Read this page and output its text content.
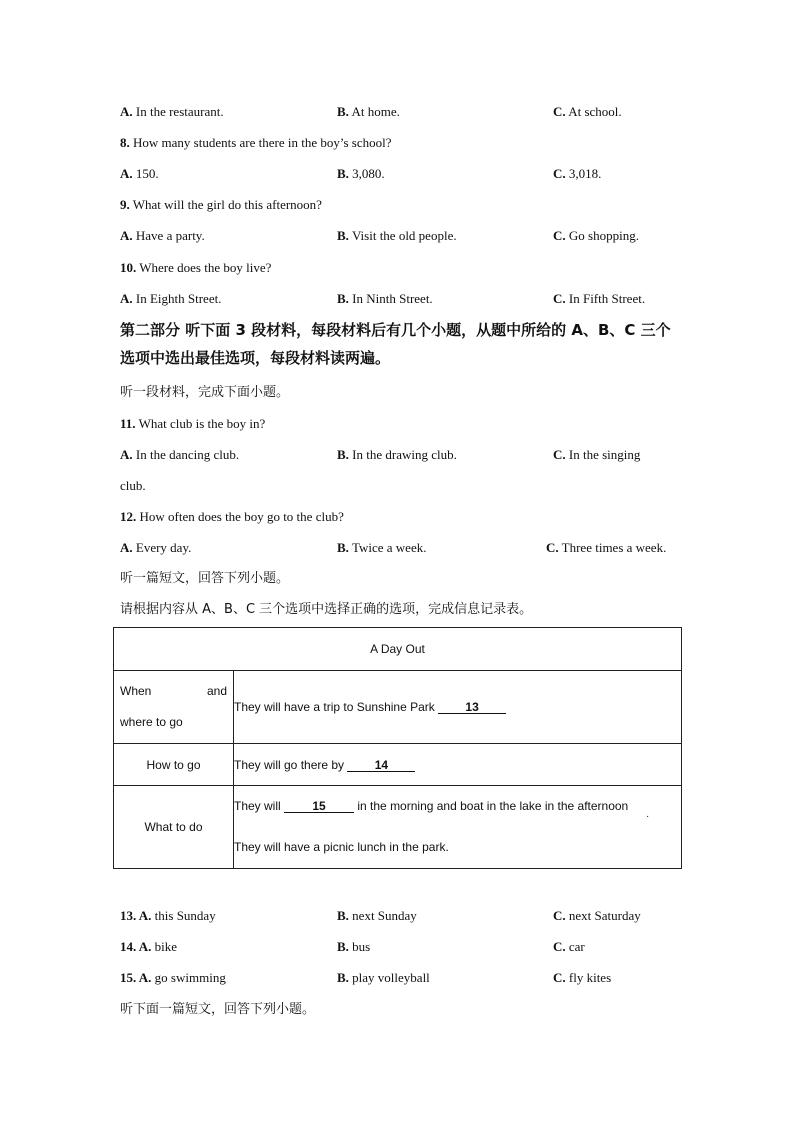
A. In the restaurant.	B. At home.	C. At school.
8. How many students are there in the boy’s school?
A. 150.	B. 3,080.	C. 3,018.
9. What will the girl do this afternoon?
A. Have a party.	B. Visit the old people.	C. Go shopping.
10. Where does the boy live?
A. In Eighth Street.	B. In Ninth Street.	C. In Fifth Street.
第二部分 听下面 3 段材料，每段材料后有几个小题，从题中所给的 A、B、C 三个选项中选出最佳选项，每段材料读两遍。
听一段材料，完成下面小题。
11. What club is the boy in?
A. In the dancing club.	B. In the drawing club.	C. In the singing
club.
12. How often does the boy go to the club?
A. Every day.	B. Twice a week.	C. Three times a week.
听一篇短文，回答下列小题。
请根据内容从 A、B、C 三个选项中选择正确的选项，完成信息记录表。
A Day Out	

When and
where to go	They will have a trip to Sunshine Park 13
How to go	They will go there by 14
What to do	They will 15 in the morning and boat in the lake in the afternoon
.
They will have a picnic lunch in the park.
13. A. this Sunday	B. next Sunday	C. next Saturday
14. A. bike	B. bus	C. car
15. A. go swimming	B. play volleyball	C. fly kites
听下面一篇短文，回答下列小题。
